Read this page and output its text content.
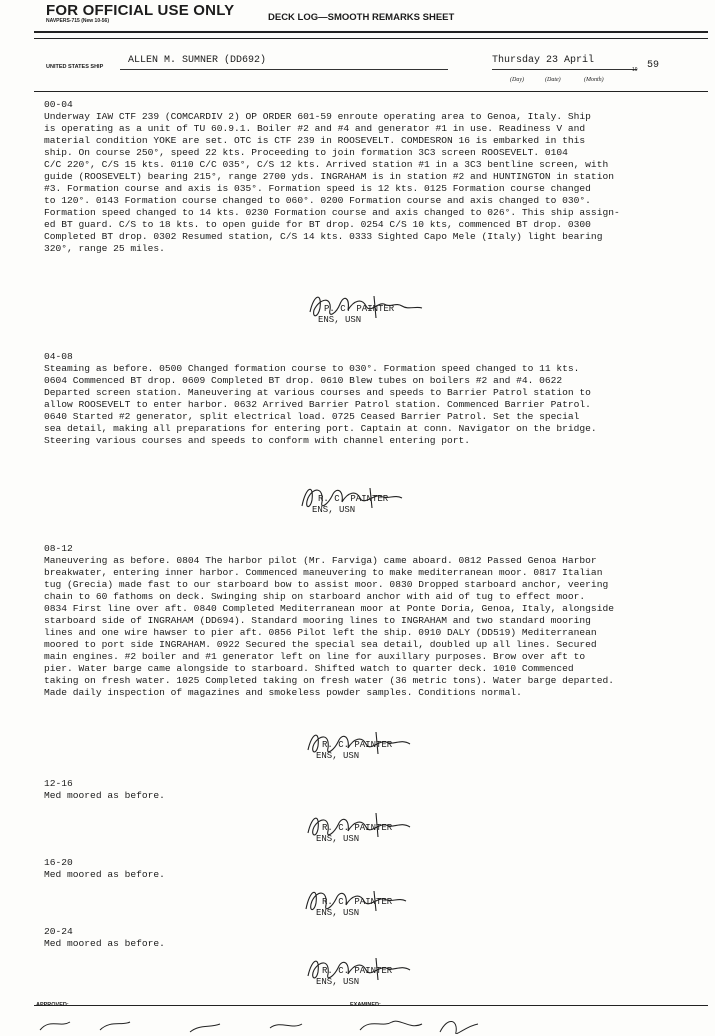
FOR OFFICIAL USE ONLY
NAVPERS-715 (New 10-56)	DECK LOG—SMOOTH REMARKS SHEET
UNITED STATES SHIP
ALLEN M. SUMNER (DD692)	Thursday 23 April
19 59
(Day)	(Date)	(Month)
00-04
Underway IAW CTF 239 (COMCARDIV 2) OP ORDER 601-59 enroute operating area to Genoa, Italy. Ship
is operating as a unit of TU 60.9.1. Boiler #2 and #4 and generator #1 in use. Readiness V and
material condition YOKE are set. OTC is CTF 239 in ROOSEVELT. COMDESRON 16 is embarked in this
ship. On course 250°, speed 22 kts. Proceeding to join formation 3C3 screen ROOSEVELT. 0104
C/C 220°, C/S 15 kts. 0110 C/C 035°, C/S 12 kts. Arrived station #1 in a 3C3 bentline screen, with
guide (ROOSEVELT) bearing 215°, range 2700 yds. INGRAHAM is in station #2 and HUNTINGTON in station
#3. Formation course and axis is 035°. Formation speed is 12 kts. 0125 Formation course changed
to 120°. 0143 Formation course changed to 060°. 0200 Formation course and axis changed to 030°.
Formation speed changed to 14 kts. 0230 Formation course and axis changed to 026°. This ship assign-
ed BT guard. C/S to 18 kts. to open guide for BT drop. 0254 C/S 10 kts, commenced BT drop. 0300
Completed BT drop. 0302 Resumed station, C/S 14 kts. 0333 Sighted Capo Mele (Italy) light bearing
320°, range 25 miles.
P. C. PAINTER
ENS, USN
04-08
Steaming as before. 0500 Changed formation course to 030°. Formation speed changed to 11 kts.
0604 Commenced BT drop. 0609 Completed BT drop. 0610 Blew tubes on boilers #2 and #4. 0622
Departed screen station. Maneuvering at various courses and speeds to Barrier Patrol station to
allow ROOSEVELT to enter harbor. 0632 Arrived Barrier Patrol station. Commenced Barrier Patrol.
0640 Started #2 generator, split electrical load. 0725 Ceased Barrier Patrol. Set the special
sea detail, making all preparations for entering port. Captain at conn. Navigator on the bridge.
Steering various courses and speeds to conform with channel entering port.
R. C. PAINTER
ENS, USN
08-12
Maneuvering as before. 0804 The harbor pilot (Mr. Farviga) came aboard. 0812 Passed Genoa Harbor
breakwater, entering inner harbor. Commenced maneuvering to make mediterranean moor. 0817 Italian
tug (Grecia) made fast to our starboard bow to assist moor. 0830 Dropped starboard anchor, veering
chain to 60 fathoms on deck. Swinging ship on starboard anchor with aid of tug to effect moor.
0834 First line over aft. 0840 Completed Mediterranean moor at Ponte Doria, Genoa, Italy, alongside
starboard side of INGRAHAM (DD694). Standard mooring lines to INGRAHAM and two standard mooring
lines and one wire hawser to pier aft. 0856 Pilot left the ship. 0910 DALY (DD519) Mediterranean
moored to port side INGRAHAM. 0922 Secured the special sea detail, doubled up all lines. Secured
main engines. #2 boiler and #1 generator left on line for auxillary purposes. Brow over aft to
pier. Water barge came alongside to starboard. Shifted watch to quarter deck. 1010 Commenced
taking on fresh water. 1025 Completed taking on fresh water (36 metric tons). Water barge departed.
Made daily inspection of magazines and smokeless powder samples. Conditions normal.
R. C. PAINTER
ENS, USN
12-16
Med moored as before.
R. C. PAINTER
ENS, USN
16-20
Med moored as before.
R. C. PAINTER
ENS, USN
20-24
Med moored as before.
R. C. PAINTER
ENS, USN
APPROVED:	EXAMINED:
